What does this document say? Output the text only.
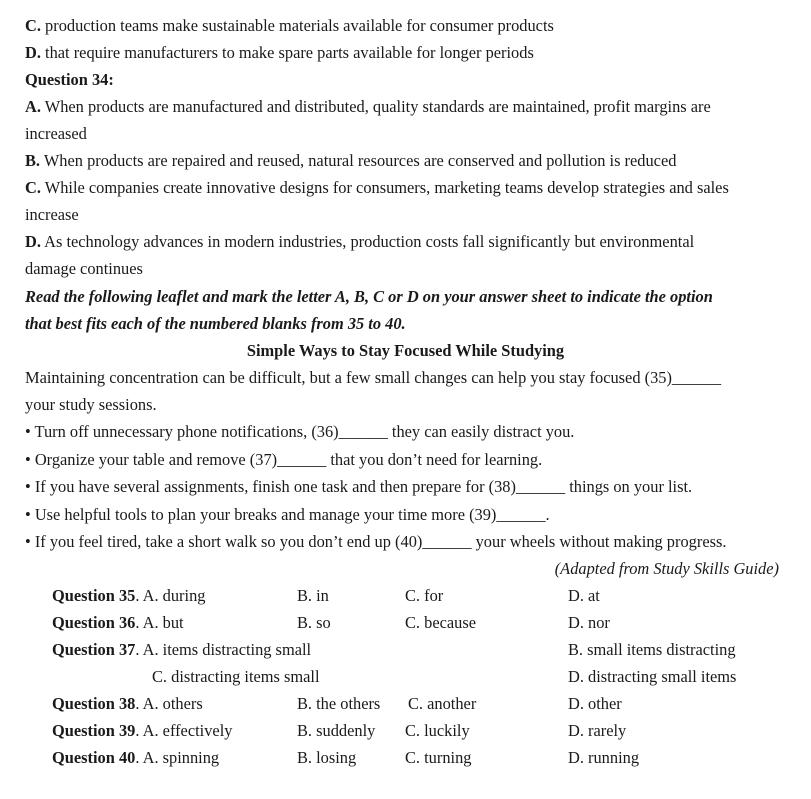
C. production teams make sustainable materials available for consumer products
D. that require manufacturers to make spare parts available for longer periods
Question 34:
A. When products are manufactured and distributed, quality standards are maintained, profit margins are
increased
B. When products are repaired and reused, natural resources are conserved and pollution is reduced
C. While companies create innovative designs for consumers, marketing teams develop strategies and sales
increase
D. As technology advances in modern industries, production costs fall significantly but environmental
damage continues
Read the following leaflet and mark the letter A, B, C or D on your answer sheet to indicate the option
that best fits each of the numbered blanks from 35 to 40.
Simple Ways to Stay Focused While Studying
Maintaining concentration can be difficult, but a few small changes can help you stay focused (35)______
your study sessions.
• Turn off unnecessary phone notifications, (36)______ they can easily distract you.
• Organize your table and remove (37)______ that you don’t need for learning.
• If you have several assignments, finish one task and then prepare for (38)______ things on your list.
• Use helpful tools to plan your breaks and manage your time more (39)______.
• If you feel tired, take a short walk so you don’t end up (40)______ your wheels without making progress.
(Adapted from Study Skills Guide)
Question 35. A. during	B. in	C. for	D. at
Question 36. A. but	B. so	C. because	D. nor
Question 37. A. items distracting small	B. small items distracting
C. distracting items small	D. distracting small items
Question 38. A. others	B. the others C. another	D. other
Question 39. A. effectively	B. suddenly C. luckily	D. rarely
Question 40. A. spinning	B. losing	C. turning	D. running
